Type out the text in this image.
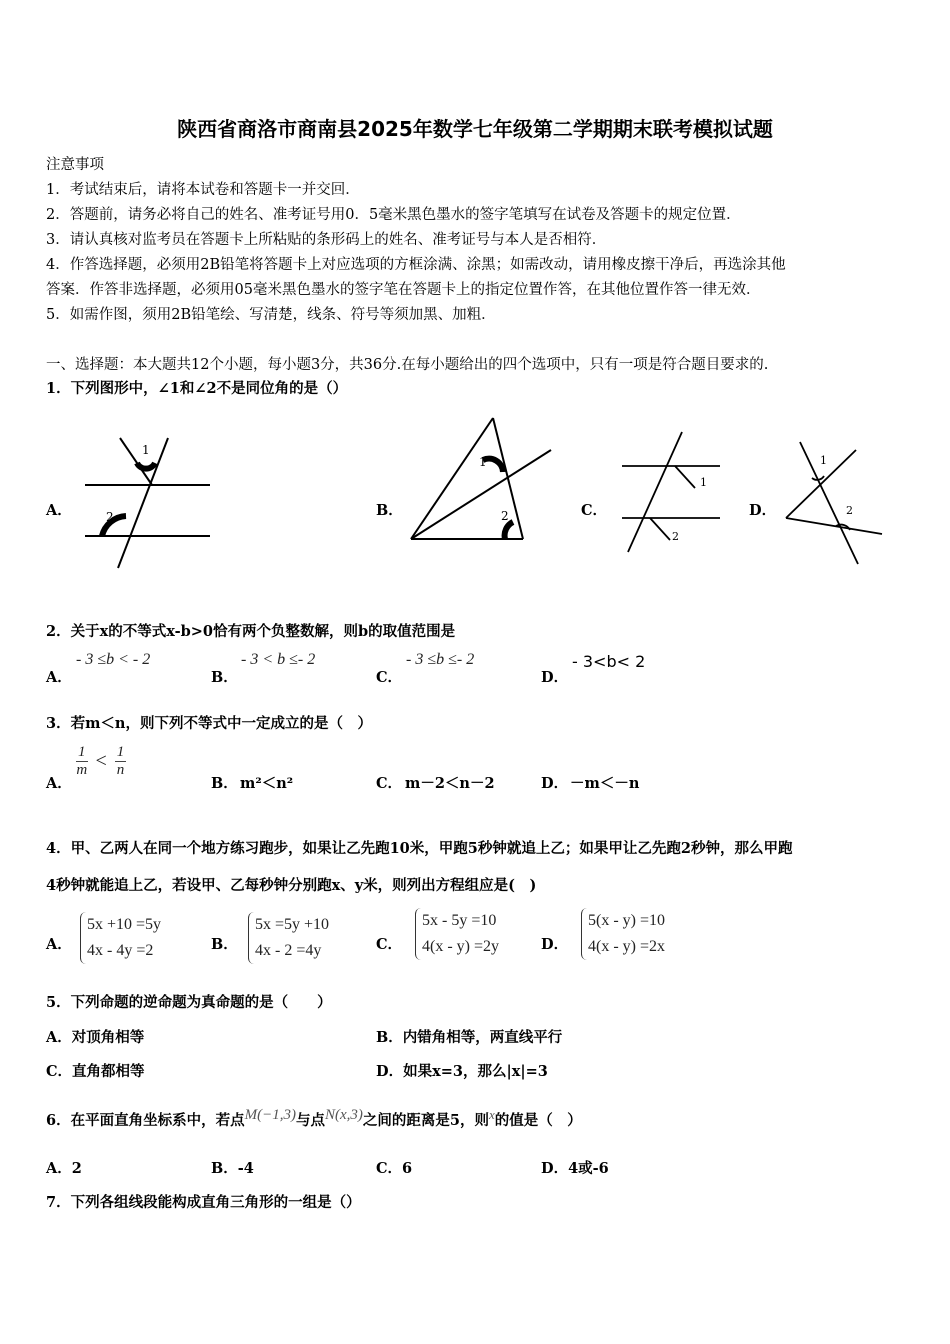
陕西省商洛市商南县2025年数学七年级第二学期期末联考模拟试题
注意事项
1．考试结束后，请将本试卷和答题卡一并交回．
2．答题前，请务必将自己的姓名、准考证号用0．5毫米黑色墨水的签字笔填写在试卷及答题卡的规定位置．
3．请认真核对监考员在答题卡上所粘贴的条形码上的姓名、准考证号与本人是否相符．
4．作答选择题，必须用2B铅笔将答题卡上对应选项的方框涂满、涂黑；如需改动，请用橡皮擦干净后，再选涂其他
答案．作答非选择题，必须用05毫米黑色墨水的签字笔在答题卡上的指定位置作答，在其他位置作答一律无效．
5．如需作图，须用2B铅笔绘、写清楚，线条、符号等须加黑、加粗．
一、选择题：本大题共12个小题，每小题3分，共36分.在每小题给出的四个选项中，只有一项是符合题目要求的.
1．下列图形中，∠1和∠2不是同位角的是（）
A．	B．	C．	D．
1
2
1
2
1
2
1
2
2．关于x的不等式x-b>0恰有两个负整数解，则b的取值范围是
A．
- 3 ≤b < - 2
B．
- 3 < b ≤- 2
C．
- 3 ≤b ≤- 2
D．
- 3<b< 2
3．若m＜n，则下列不等式中一定成立的是（　）
A．
$\frac{1}{m} < \frac{1}{n}$
B． m²＜n²	C． m－2＜n－2	D． －m＜－n
4．甲、乙两人在同一个地方练习跑步，如果让乙先跑10米，甲跑5秒钟就追上乙；如果甲让乙先跑2秒钟，那么甲跑
4秒钟就能追上乙，若设甲、乙每秒钟分别跑x、y米，则列出方程组应是(　)
A．
5x +10 =5y
4x - 4y =2	B．
5x =5y +10
4x - 2 =4y	C．
5x - 5y =10
4(x - y) =2y	D．
5(x - y) =10
4(x - y) =2x
5．下列命题的逆命题为真命题的是（　　）
A．对顶角相等	B．内错角相等，两直线平行
C．直角都相等	D．如果x=3，那么|x|=3
6．在平面直角坐标系中，若点M(−1,3)与点N(x,3)之间的距离是5，则x的值是（　）
A．2	B．-4	C．6	D．4或-6
7．下列各组线段能构成直角三角形的一组是（）
